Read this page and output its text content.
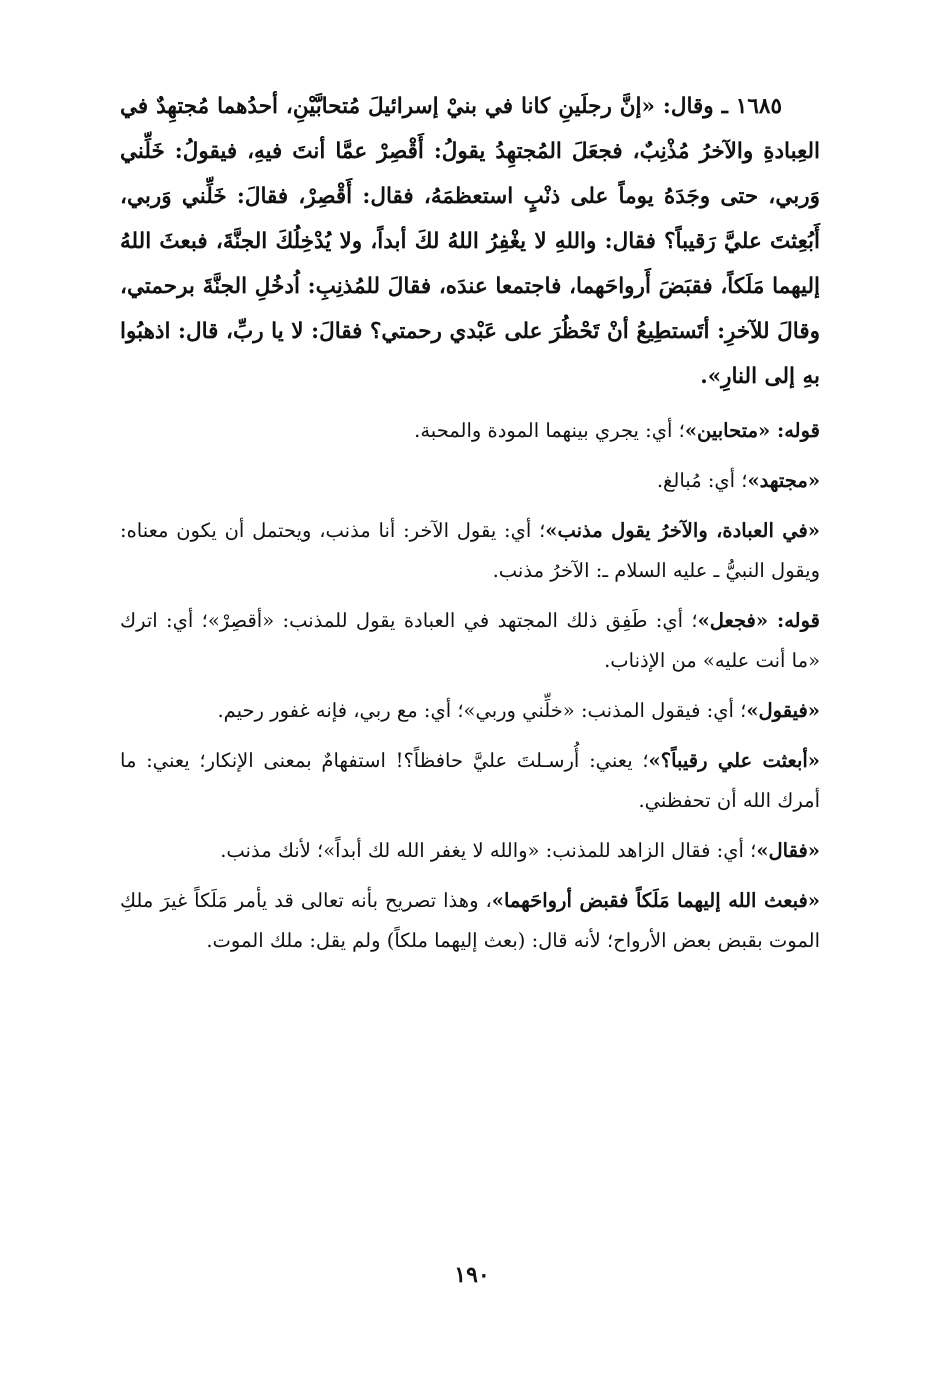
١٦٨٥ ـ وقال: «إنَّ رجلَينِ كانا في بنيْ إسرائيلَ مُتحابَّيْنِ، أحدُهما مُجتهِدٌ في العِبادةِ والآخرُ مُذْنِبٌ، فجعَلَ المُجتهِدُ يقولُ: أَقْصِرْ عمَّا أنتَ فيهِ، فيقولُ: خَلِّني وَربي، حتى وجَدَهُ يوماً على ذنْبٍ استعظمَهُ، فقال: أَقْصِرْ، فقالَ: خَلِّني وَربي، أَبُعِثتَ عليَّ رَقيباً؟ فقال: واللهِ لا يغْفِرُ اللهُ لكَ أبداً، ولا يُدْخِلُكَ الجنَّةَ، فبعثَ اللهُ إليهما مَلَكاً، فقبَضَ أَرواحَهما، فاجتمعا عندَه، فقالَ للمُذنِبِ: اُدخُلِ الجنَّةَ برحمتي، وقالَ للآخرِ: أتَستطِيعُ أنْ تَحْظُرَ على عَبْدي رحمتي؟ فقالَ: لا يا ربِّ، قال: اذهبُوا بهِ إلى النارِ».

قوله: «متحابين»؛ أي: يجري بينهما المودة والمحبة.

«مجتهد»؛ أي: مُبالغ.

«في العبادة، والآخرُ يقول مذنب»؛ أي: يقول الآخر: أنا مذنب، ويحتمل أن يكون معناه: ويقول النبيُّ ـ عليه السلام ـ: الآخرُ مذنب.

قوله: «فجعل»؛ أي: طَفِق ذلك المجتهد في العبادة يقول للمذنب: «أقصِرْ»؛ أي: اترك «ما أنت عليه» من الإذناب.

«فيقول»؛ أي: فيقول المذنب: «خلِّني وربي»؛ أي: مع ربي، فإنه غفور رحيم.

«أبعثت علي رقيباً؟»؛ يعني: أُرسـلتَ عليَّ حافظاً؟! استفهامٌ بمعنى الإنكار؛ يعني: ما أمرك الله أن تحفظني.

«فقال»؛ أي: فقال الزاهد للمذنب: «والله لا يغفر الله لك أبداً»؛ لأنك مذنب.

«فبعث الله إليهما مَلَكاً فقبض أرواحَهما»، وهذا تصريح بأنه تعالى قد يأمر مَلَكاً غيرَ ملكِ الموت بقبض بعض الأرواح؛ لأنه قال: (بعث إليهما ملكاً) ولم يقل: ملك الموت.

١٩٠
